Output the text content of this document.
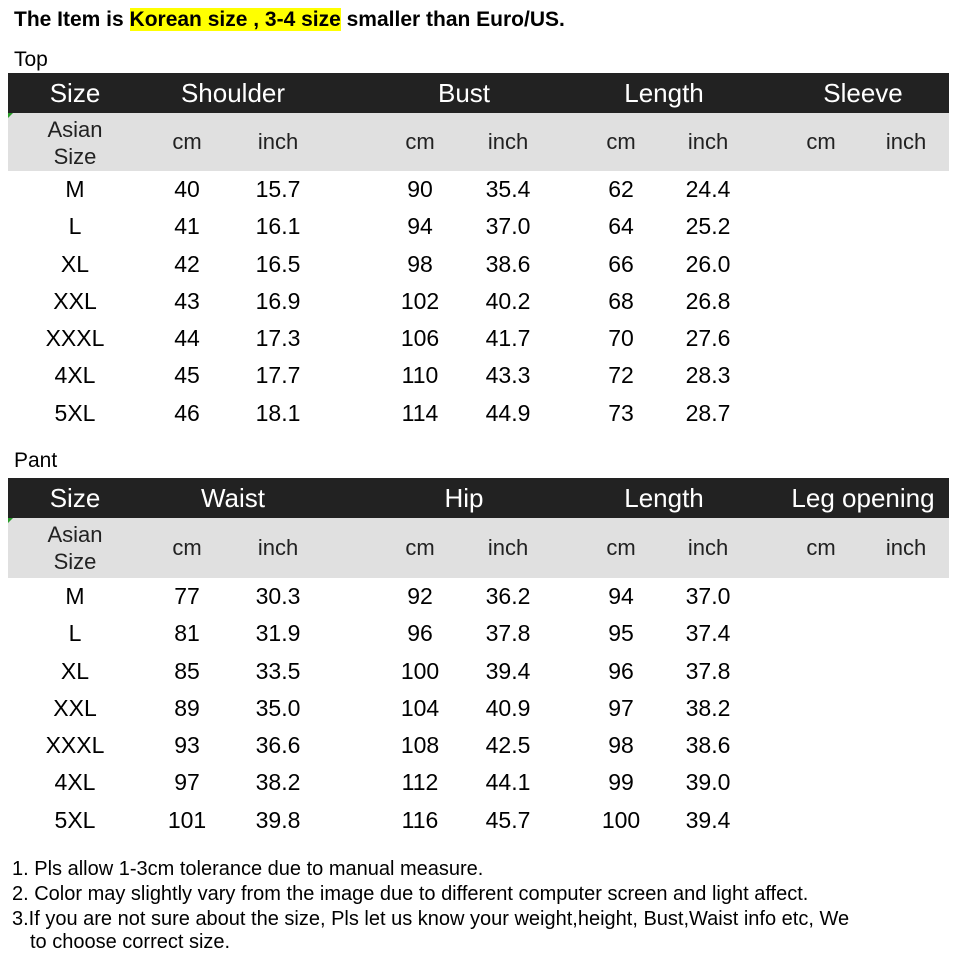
The Item is Korean size , 3-4 size smaller than Euro/US.
Top
Size	Shoulder	Bust	Length	Sleeve
Asian
Size
cm	inch	cm inch	cm inch	cm inch
M	40 15.7	90 35.4	62 24.4
L	41 16.1	94 37.0	64 25.2
XL	42 16.5	98 38.6	66 26.0
XXL	43 16.9	102 40.2	68 26.8
XXXL	44 17.3	106 41.7	70 27.6
4XL	45 17.7	110 43.3	72 28.3
5XL	46 18.1	114 44.9	73 28.7
Pant
Size	Waist	Hip	Length	Leg opening
Asian
Size
cm	inch	cm inch	cm inch	cm inch
M	77 30.3	92 36.2	94 37.0
L	81 31.9	96 37.8	95 37.4
XL	85 33.5	100 39.4	96 37.8
XXL	89 35.0	104 40.9	97 38.2
XXXL	93 36.6	108 42.5	98 38.6
4XL	97 38.2	112 44.1	99 39.0
5XL	101 39.8	116 45.7	100 39.4
1. Pls allow 1-3cm tolerance due to manual measure.
2. Color may slightly vary from the image due to different computer screen and light affect.
3.If you are not sure about the size, Pls let us know your weight,height, Bust,Waist info etc, We
to choose correct size.
